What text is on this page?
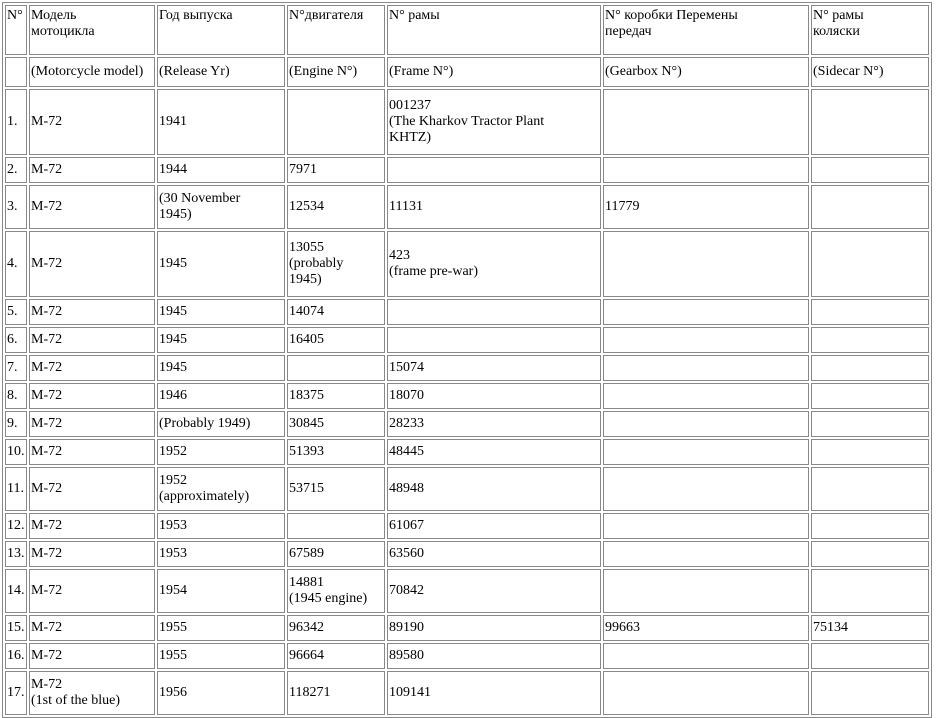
N°	Модель
мотоцикла	Год выпуска	N°двигателя	N° рамы	N° коробки Перемены
передач	N° рамы
коляски
	(Motorcycle model)	(Release Yr)	(Engine N°)	(Frame N°)	(Gearbox N°)	(Sidecar N°)
1.	M-72	1941		001237
(The Kharkov Tractor Plant
KHTZ)		
2.	M-72	1944	7971			
3.	M-72	(30 November
1945)	12534	11131	11779	
4.	M-72	1945	13055
(probably
1945)	423
(frame pre-war)		
5.	M-72	1945	14074			
6.	M-72	1945	16405			
7.	M-72	1945		15074		
8.	M-72	1946	18375	18070		
9.	M-72	(Probably 1949)	30845	28233		
10.	M-72	1952	51393	48445		
11.	M-72	1952
(approximately)	53715	48948		
12.	M-72	1953		61067		
13.	M-72	1953	67589	63560		
14.	M-72	1954	14881
(1945 engine)	70842		
15.	M-72	1955	96342	89190	99663	75134
16.	M-72	1955	96664	89580		
17.	M-72
(1st of the blue)	1956	118271	109141		
